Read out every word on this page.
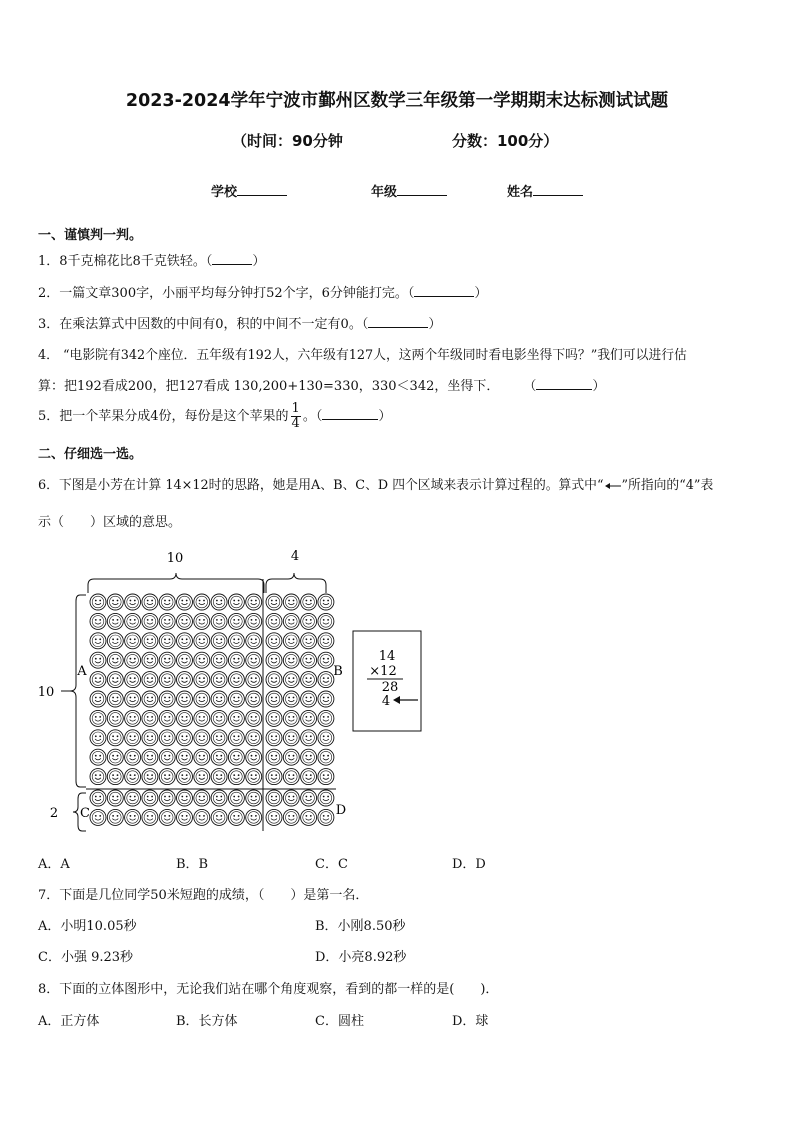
2023-2024学年宁波市鄞州区数学三年级第一学期期末达标测试试题
（时间：90分钟	分数：100分）
学校	年级	姓名
一、谨慎判一判。
1．8千克棉花比8千克铁轻。（	）
2．一篇文章300字，小丽平均每分钟打52个字，6分钟能打完。（	）
3．在乘法算式中因数的中间有0，积的中间不一定有0。（	）
4． “电影院有342个座位．五年级有192人，六年级有127人，这两个年级同时看电影坐得下吗？”我们可以进行估
算：把192看成200，把127看成 130,200+130=330，330＜342，坐得下． （	）
5．把一个苹果分成4份，每份是这个苹果的 $\frac{1}{4}$ 。（	）
二、仔细选一选。
6．下图是小芳在计算 14×12时的思路，她是用A、B、C、D 四个区域来表示计算过程的。算式中“ ”所指向的“4”表
示（　　）区域的意思。
10	4
10
2
A	B
C	D
14
×12
28
4
A．A	B．B	C．C	D．D
7．下面是几位同学50米短跑的成绩，（　　）是第一名．
A．小明10.05秒	B．小刚8.50秒
C．小强 9.23秒	D．小亮8.92秒
8．下面的立体图形中，无论我们站在哪个角度观察，看到的都一样的是(　　)．
A．正方体	B．长方体	C．圆柱	D．球
